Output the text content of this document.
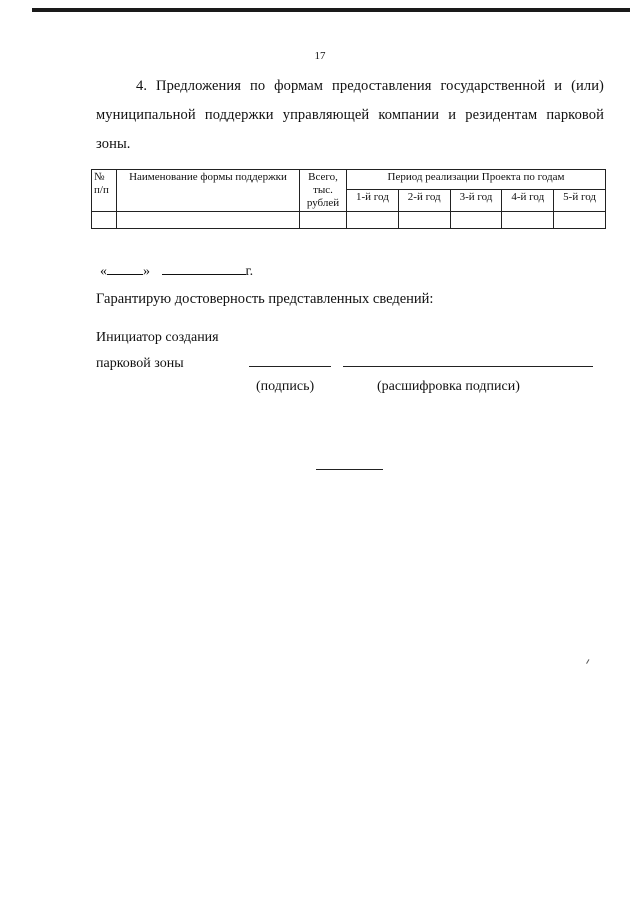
17
4. Предложения по формам предоставления государственной и (или) муниципальной поддержки управляющей компании и резидентам парковой зоны.
№ п/п	Наименование формы поддержки	Всего, тыс. рублей	Период реализации Проекта по годам				
			1-й год	2-й год	3-й год	4-й год	5-й год

«	»	г.
Гарантирую достоверность представленных сведений:
Инициатор создания
парковой зоны
(подпись)	(расшифровка подписи)
